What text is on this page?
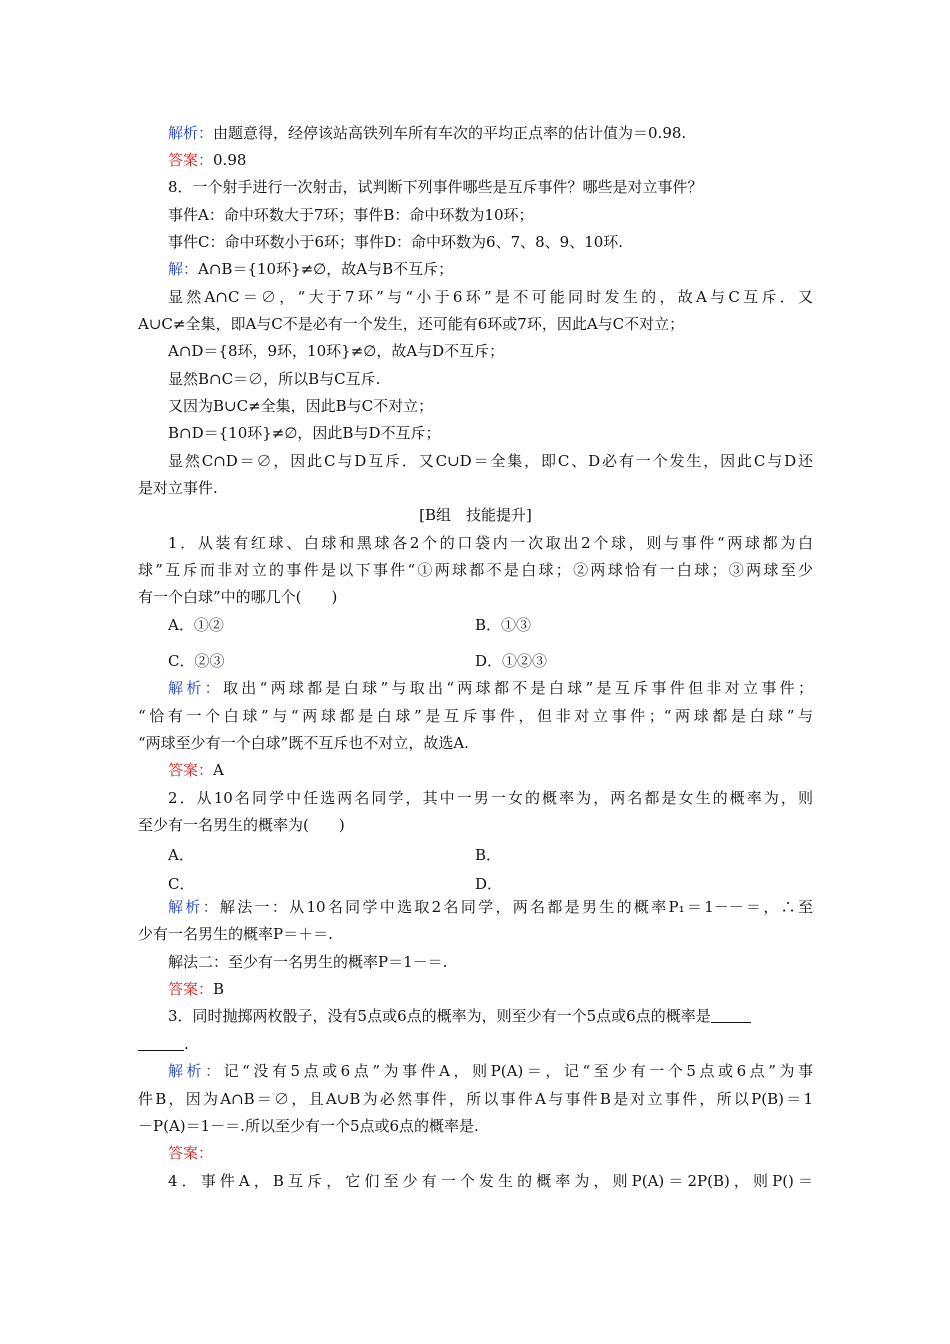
解析：由题意得，经停该站高铁列车所有车次的平均正点率的估计值为＝0.98.
答案：0.98
8．一个射手进行一次射击，试判断下列事件哪些是互斥事件？哪些是对立事件？
事件A：命中环数大于7环；事件B：命中环数为10环；
事件C：命中环数小于6环；事件D：命中环数为6、7、8、9、10环.
解：A∩B＝{10环}≠∅，故A与B不互斥；
显然A∩C＝∅，“大于7环”与“小于6环”是不可能同时发生的，故A与C互斥．又
A∪C≠全集，即A与C不是必有一个发生，还可能有6环或7环，因此A与C不对立；
A∩D＝{8环，9环，10环}≠∅，故A与D不互斥；
显然B∩C＝∅，所以B与C互斥.
又因为B∪C≠全集，因此B与C不对立；
B∩D＝{10环}≠∅，因此B与D不互斥；
显然C∩D＝∅，因此C与D互斥．又C∪D＝全集，即C、D必有一个发生，因此C与D还
是对立事件.
1．从装有红球、白球和黑球各2个的口袋内一次取出2个球，则与事件“两球都为白
球”互斥而非对立的事件是以下事件“①两球都不是白球；②两球恰有一白球；③两球至少
有一个白球”中的哪几个(　　)
解析：取出“两球都是白球”与取出“两球都不是白球”是互斥事件但非对立事件；
“恰有一个白球”与“两球都是白球”是互斥事件，但非对立事件；“两球都是白球”与
“两球至少有一个白球”既不互斥也不对立，故选A.
答案：A
2．从10名同学中任选两名同学，其中一男一女的概率为，两名都是女生的概率为，则
至少有一名男生的概率为(　　)
解析：解法一：从10名同学中选取2名同学，两名都是男生的概率P₁＝1－－＝，∴至
少有一名男生的概率P＝＋＝.
解法二：至少有一名男生的概率P＝1－＝.
答案：B
解析：记“没有5点或6点”为事件A，则P(A)＝，记“至少有一个5点或6点”为事
件B，因为A∩B＝∅，且A∪B为必然事件，所以事件A与事件B是对立事件，所以P(B)＝1
－P(A)＝1－＝.所以至少有一个5点或6点的概率是.
答案：
4．事件A，B互斥，它们至少有一个发生的概率为，则P(A)＝2P(B)，则P()＝
[B组　技能提升]
A．①②	B．①③
C．②③	D．①②③
A．	B．
C．	D．
3．同时抛掷两枚骰子，没有5点或6点的概率为，则至少有一个5点或6点的概率是
.
